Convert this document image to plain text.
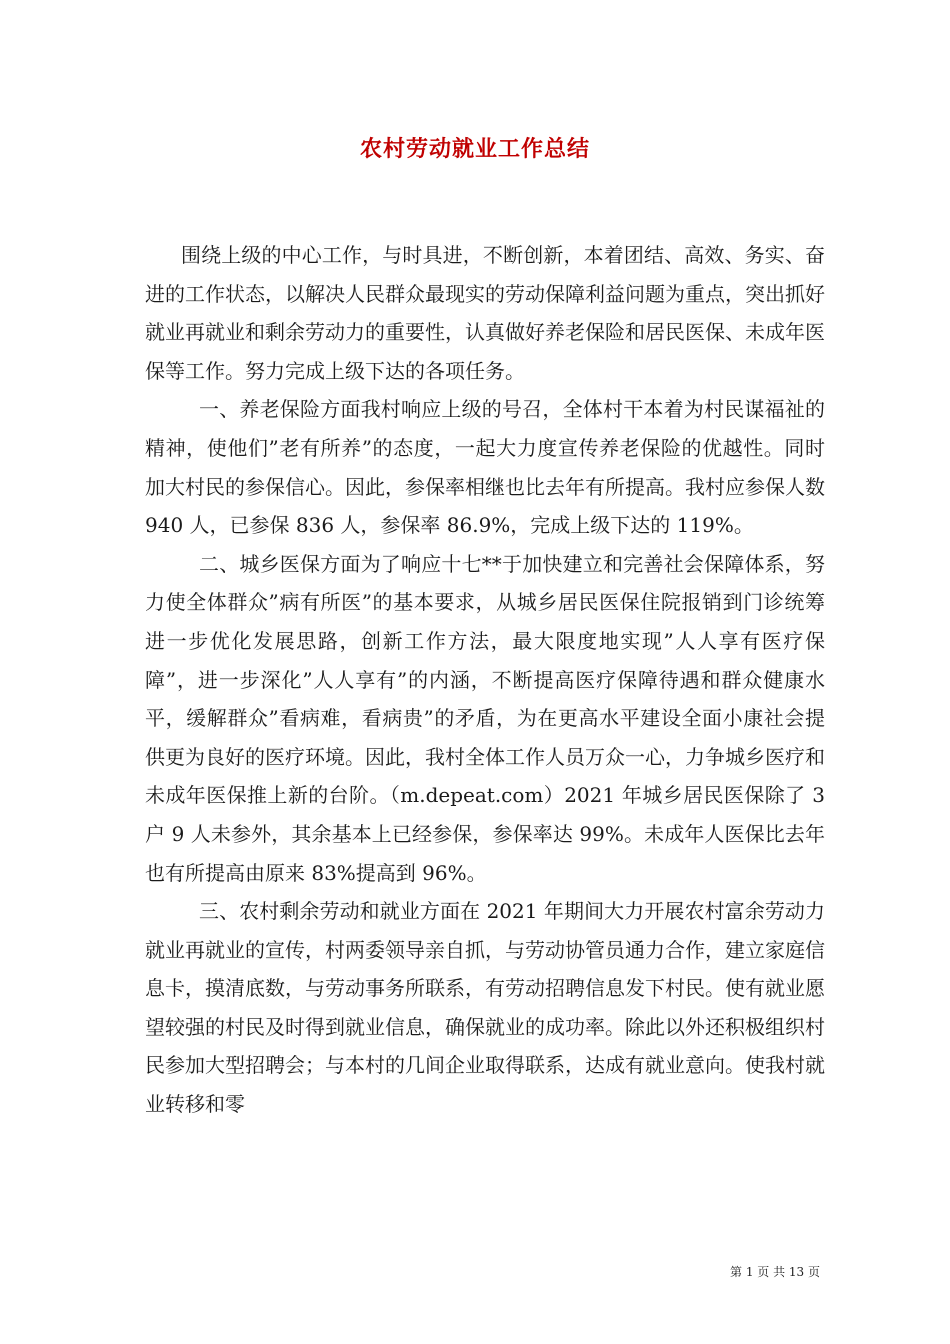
农村劳动就业工作总结

围绕上级的中心工作，与时具进，不断创新，本着团结、高效、务实、奋进的工作状态，以解决人民群众最现实的劳动保障利益问题为重点，突出抓好就业再就业和剩余劳动力的重要性，认真做好养老保险和居民医保、未成年医保等工作。努力完成上级下达的各项任务。

一、养老保险方面我村响应上级的号召，全体村干本着为村民谋福祉的精神，使他们”老有所养”的态度，一起大力度宣传养老保险的优越性。同时加大村民的参保信心。因此，参保率相继也比去年有所提高。我村应参保人数 940 人，已参保 836 人，参保率 86.9%，完成上级下达的 119%。

二、城乡医保方面为了响应十七**于加快建立和完善社会保障体系，努力使全体群众”病有所医”的基本要求，从城乡居民医保住院报销到门诊统筹进一步优化发展思路，创新工作方法，最大限度地实现”人人享有医疗保障”，进一步深化”人人享有”的内涵，不断提高医疗保障待遇和群众健康水平，缓解群众”看病难，看病贵”的矛盾，为在更高水平建设全面小康社会提供更为良好的医疗环境。因此，我村全体工作人员万众一心，力争城乡医疗和未成年医保推上新的台阶。（m.depeat.com）2021 年城乡居民医保除了 3 户 9 人未参外，其余基本上已经参保，参保率达 99%。未成年人医保比去年也有所提高由原来 83%提高到 96%。

三、农村剩余劳动和就业方面在 2021 年期间大力开展农村富余劳动力就业再就业的宣传，村两委领导亲自抓，与劳动协管员通力合作，建立家庭信息卡，摸清底数，与劳动事务所联系，有劳动招聘信息发下村民。使有就业愿望较强的村民及时得到就业信息，确保就业的成功率。除此以外还积极组织村民参加大型招聘会；与本村的几间企业取得联系，达成有就业意向。使我村就业转移和零

第 1 页 共 13 页
